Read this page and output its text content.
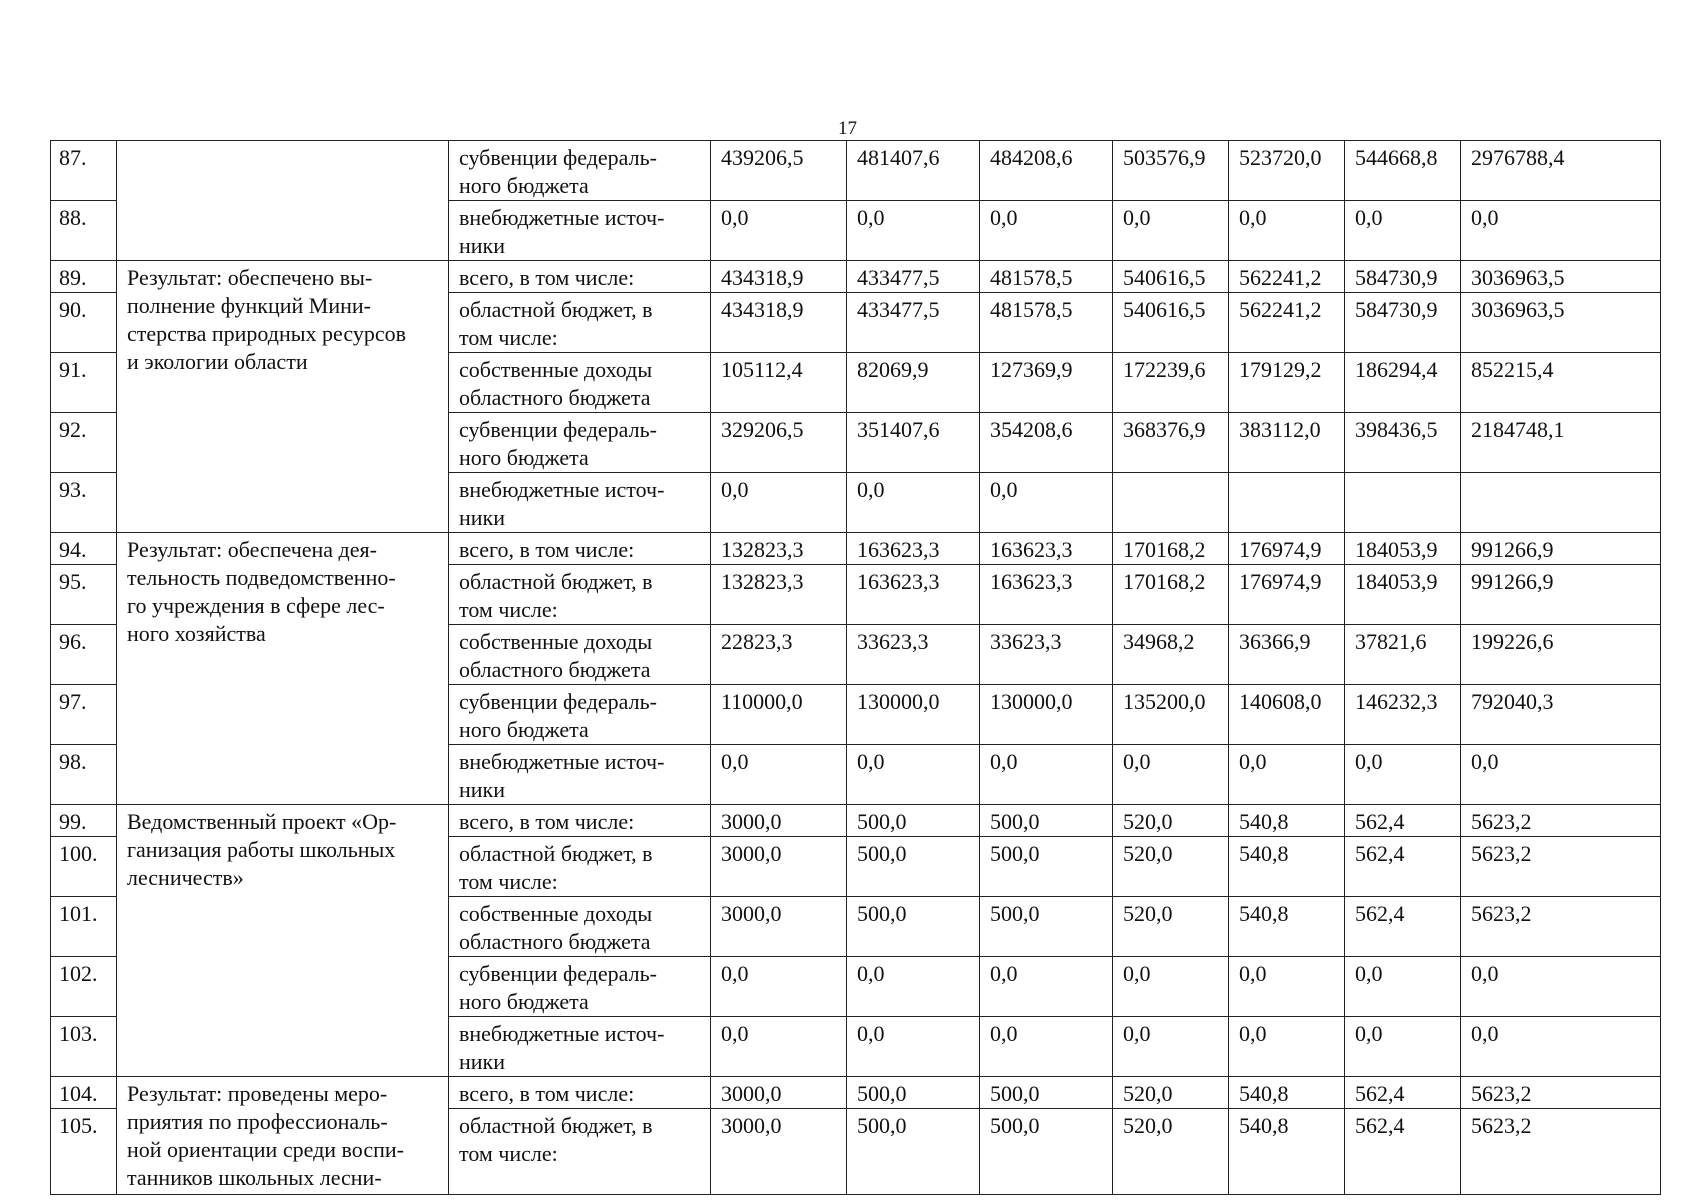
17
87.		субвенции федераль-
ного бюджета	439206,5	481407,6	484208,6	503576,9	523720,0	544668,8	2976788,4
88.		внебюджетные источ-
ники	0,0	0,0	0,0	0,0	0,0	0,0	0,0
89.	Результат: обеспечено вы-
полнение функций Мини-
стерства природных ресурсов
и экологии области	всего, в том числе:	434318,9	433477,5	481578,5	540616,5	562241,2	584730,9	3036963,5
90.		областной бюджет, в
том числе:	434318,9	433477,5	481578,5	540616,5	562241,2	584730,9	3036963,5
91.		собственные доходы
областного бюджета	105112,4	82069,9	127369,9	172239,6	179129,2	186294,4	852215,4
92.		субвенции федераль-
ного бюджета	329206,5	351407,6	354208,6	368376,9	383112,0	398436,5	2184748,1
93.		внебюджетные источ-
ники	0,0	0,0	0,0				
94.	Результат: обеспечена дея-
тельность подведомственно-
го учреждения в сфере лес-
ного хозяйства	всего, в том числе:	132823,3	163623,3	163623,3	170168,2	176974,9	184053,9	991266,9
95.		областной бюджет, в
том числе:	132823,3	163623,3	163623,3	170168,2	176974,9	184053,9	991266,9
96.		собственные доходы
областного бюджета	22823,3	33623,3	33623,3	34968,2	36366,9	37821,6	199226,6
97.		субвенции федераль-
ного бюджета	110000,0	130000,0	130000,0	135200,0	140608,0	146232,3	792040,3
98.		внебюджетные источ-
ники	0,0	0,0	0,0	0,0	0,0	0,0	0,0
99.	Ведомственный проект «Ор-
ганизация работы школьных
лесничеств»	всего, в том числе:	3000,0	500,0	500,0	520,0	540,8	562,4	5623,2
100.		областной бюджет, в
том числе:	3000,0	500,0	500,0	520,0	540,8	562,4	5623,2
101.		собственные доходы
областного бюджета	3000,0	500,0	500,0	520,0	540,8	562,4	5623,2
102.		субвенции федераль-
ного бюджета	0,0	0,0	0,0	0,0	0,0	0,0	0,0
103.		внебюджетные источ-
ники	0,0	0,0	0,0	0,0	0,0	0,0	0,0
104.	Результат: проведены меро-
приятия по профессиональ-
ной ориентации среди воспи-
танников школьных лесни-	всего, в том числе:	3000,0	500,0	500,0	520,0	540,8	562,4	5623,2
105.		областной бюджет, в
том числе:	3000,0	500,0	500,0	520,0	540,8	562,4	5623,2
